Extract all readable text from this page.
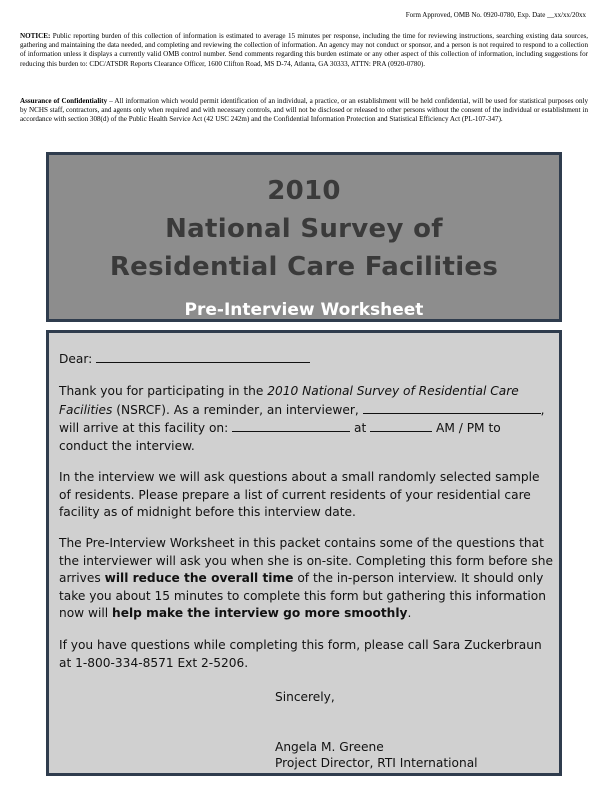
Form Approved, OMB No. 0920-0780, Exp. Date __xx/xx/20xx
NOTICE: Public reporting burden of this collection of information is estimated to average 15 minutes per response, including the time for reviewing instructions, searching existing data sources, gathering and maintaining the data needed, and completing and reviewing the collection of information. An agency may not conduct or sponsor, and a person is not required to respond to a collection of information unless it displays a currently valid OMB control number. Send comments regarding this burden estimate or any other aspect of this collection of information, including suggestions for reducing this burden to: CDC/ATSDR Reports Clearance Officer, 1600 Clifton Road, MS D-74, Atlanta, GA 30333, ATTN: PRA (0920-0780).
Assurance of Confidentiality – All information which would permit identification of an individual, a practice, or an establishment will be held confidential, will be used for statistical purposes only by NCHS staff, contractors, and agents only when required and with necessary controls, and will not be disclosed or released to other persons without the consent of the individual or establishment in accordance with section 308(d) of the Public Health Service Act (42 USC 242m) and the Confidential Information Protection and Statistical Efficiency Act (PL-107-347).
2010
National Survey of
Residential Care Facilities
Pre-Interview Worksheet

Dear:

Thank you for participating in the 2010 National Survey of Residential Care Facilities (NSRCF). As a reminder, an interviewer,	, will arrive at this facility on:	at	AM / PM to conduct the interview.

In the interview we will ask questions about a small randomly selected sample of residents. Please prepare a list of current residents of your residential care facility as of midnight before this interview date.

The Pre-Interview Worksheet in this packet contains some of the questions that the interviewer will ask you when she is on-site. Completing this form before she arrives will reduce the overall time of the in-person interview. It should only take you about 15 minutes to complete this form but gathering this information now will help make the interview go more smoothly.

If you have questions while completing this form, please call Sara Zuckerbraun at 1-800-334-8571 Ext 2-5206.

Sincerely,
Angela M. Greene
Project Director, RTI International
